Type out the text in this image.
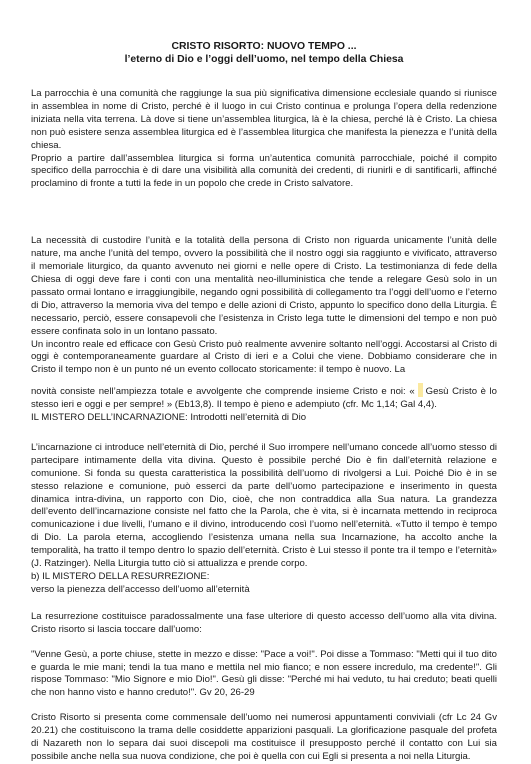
CRISTO RISORTO: NUOVO TEMPO ...
l’eterno di Dio e l’oggi dell’uomo, nel tempo della Chiesa

La parrocchia è una comunità che raggiunge la sua più significativa dimensione ecclesiale quando si riunisce in assemblea in nome di Cristo, perché è il luogo in cui Cristo continua e prolunga l’opera della redenzione iniziata nella vita terrena. Là dove si tiene un’assemblea liturgica, là è la chiesa, perché là è Cristo. La chiesa non può esistere senza assemblea liturgica ed è l’assemblea liturgica che manifesta la pienezza e l’unità della chiesa.

Proprio a partire dall’assemblea liturgica si forma un’autentica comunità parrocchiale, poiché il compito specifico della parrocchia è di dare una visibilità alla comunità dei credenti, di riunirli e di santificarli, affinché proclamino di fronte a tutti la fede in un popolo che crede in Cristo salvatore.

La necessità di custodire l’unità e la totalità della persona di Cristo non riguarda unicamente l’unità delle nature, ma anche l’unità del tempo, ovvero la possibilità che il nostro oggi sia raggiunto e vivificato, attraverso il memoriale liturgico, da quanto avvenuto nei giorni e nelle opere di Cristo. La testimonianza di fede della Chiesa di oggi deve fare i conti con una mentalità neo-illuministica che tende a relegare Gesù solo in un passato ormai lontano e irraggiungibile, negando ogni possibilità di collegamento tra l’oggi dell’uomo e l’eterno di Dio, attraverso la memoria viva del tempo e delle azioni di Cristo, appunto lo specifico dono della Liturgia. È necessario, perciò, essere consapevoli che l’esistenza in Cristo lega tutte le dimensioni del tempo e non può essere confinata solo in un lontano passato.

Un incontro reale ed efficace con Gesù Cristo può realmente avvenire soltanto nell’oggi. Accostarsi al Cristo di oggi è contemporaneamente guardare al Cristo di ieri e a Colui che viene. Dobbiamo considerare che in Cristo il tempo non è un punto né un evento collocato storicamente: il tempo è nuovo. La

novità consiste nell’ampiezza totale e avvolgente che comprende insieme Cristo e noi: « Gesù Cristo è lo stesso ieri e oggi e per sempre! » (Eb13,8). Il tempo è pieno e adempiuto (cfr. Mc 1,14; Gal 4,4).

IL MISTERO DELL’INCARNAZIONE: Introdotti nell’eternità di Dio

L’incarnazione ci introduce nell’eternità di Dio, perché il Suo irrompere nell’umano concede all’uomo stesso di partecipare intimamente della vita divina. Questo è possibile perché Dio è fin dall’eternità relazione e comunione. Si fonda su questa caratteristica la possibilità dell’uomo di rivolgersi a Lui. Poiché Dio è in se stesso relazione e comunione, può esserci da parte dell’uomo partecipazione e inserimento in questa dinamica intra-divina, un rapporto con Dio, cioè, che non contraddica alla Sua natura. La grandezza dell’evento dell’incarnazione consiste nel fatto che la Parola, che è vita, si è incarnata mettendo in reciproca comunicazione i due livelli, l’umano e il divino, introducendo così l’uomo nell’eternità. «Tutto il tempo è tempo di Dio. La parola eterna, accogliendo l’esistenza umana nella sua Incarnazione, ha accolto anche la temporalità, ha tratto il tempo dentro lo spazio dell’eternità. Cristo è Lui stesso il ponte tra il tempo e l’eternità» (J. Ratzinger). Nella Liturgia tutto ciò si attualizza e prende corpo.

b) IL MISTERO DELLA RESURREZIONE:

verso la pienezza dell’accesso dell’uomo all’eternità

La resurrezione costituisce paradossalmente una fase ulteriore di questo accesso dell’uomo alla vita divina. Cristo risorto si lascia toccare dall’uomo:

"Venne Gesù, a porte chiuse, stette in mezzo e disse: "Pace a voi!". Poi disse a Tommaso: "Metti qui il tuo dito e guarda le mie mani; tendi la tua mano e mettila nel mio fianco; e non essere incredulo, ma credente!". Gli rispose Tommaso: "Mio Signore e mio Dio!". Gesù gli disse: "Perché mi hai veduto, tu hai creduto; beati quelli che non hanno visto e hanno creduto!". Gv 20, 26-29

Cristo Risorto si presenta come commensale dell’uomo nei numerosi appuntamenti conviviali (cfr Lc 24 Gv 20.21) che costituiscono la trama delle cosiddette apparizioni pasquali. La glorificazione pasquale del profeta di Nazareth non lo separa dai suoi discepoli ma costituisce il presupposto perché il contatto con Lui sia possibile anche nella sua nuova condizione, che poi è quella con cui Egli si presenta a noi nella Liturgia.
